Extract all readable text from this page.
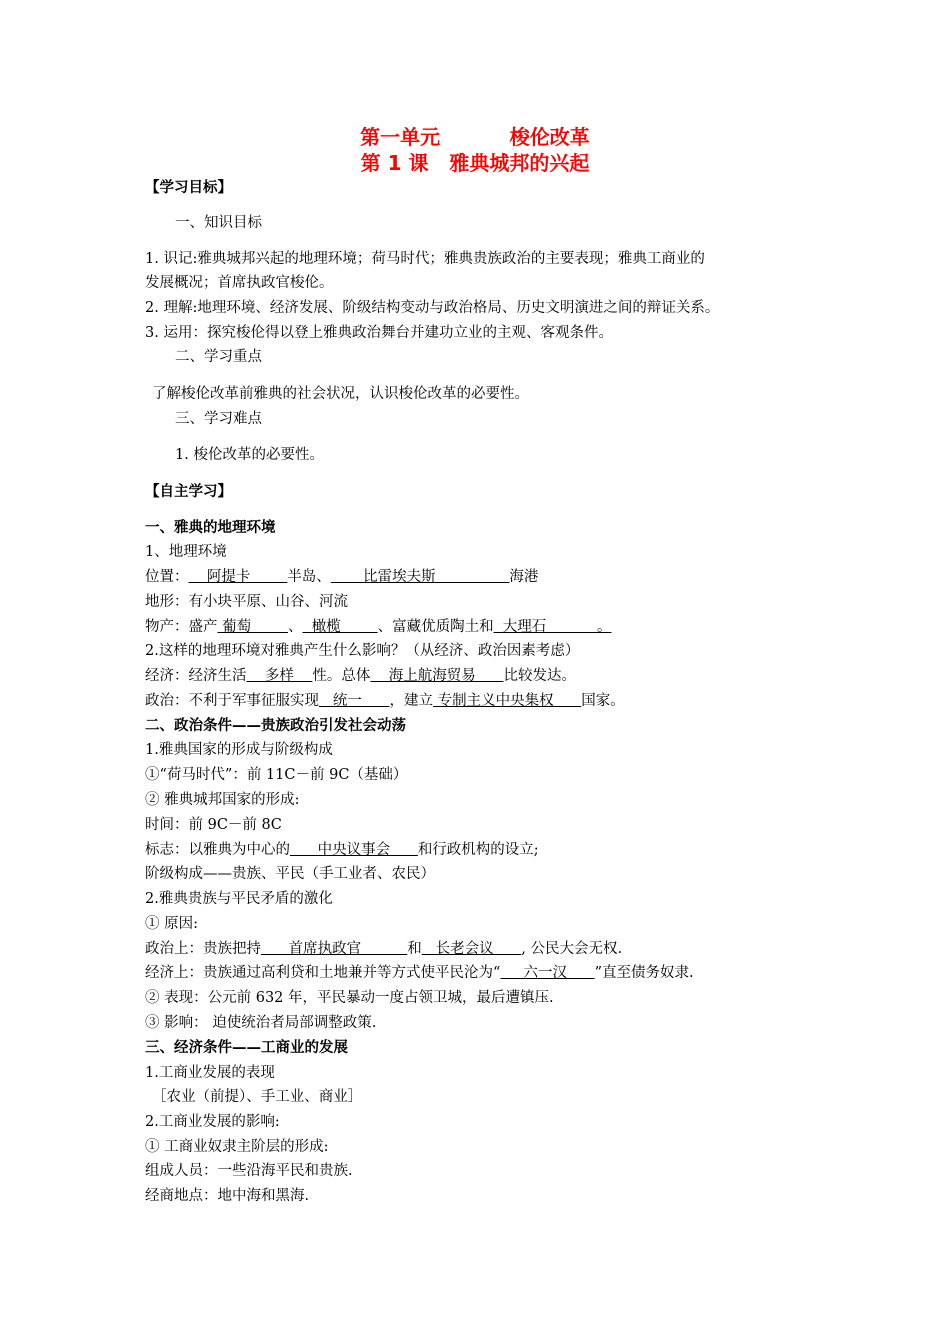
第一单元          梭伦改革
第 1 课   雅典城邦的兴起
【学习目标】
一、知识目标
1. 识记:雅典城邦兴起的地理环境；荷马时代；雅典贵族政治的主要表现；雅典工商业的
发展概况；首席执政官梭伦。
2. 理解:地理环境、经济发展、阶级结构变动与政治格局、历史文明演进之间的辩证关系。
3. 运用：探究梭伦得以登上雅典政治舞台并建功立业的主观、客观条件。
二、学习重点
了解梭伦改革前雅典的社会状况，认识梭伦改革的必要性。
三、学习难点
1. 梭伦改革的必要性。
【自主学习】
一、雅典的地理环境
1、地理环境
位置：    阿提卡        半岛、       比雷埃夫斯                海港
地形：有小块平原、山谷、河流
物产：盛产 葡萄        、  橄榄        、富藏优质陶土和  大理石           。
2.这样的地理环境对雅典产生什么影响？（从经济、政治因素考虑）
经济：经济生活    多样    性。总体    海上航海贸易      比较发达。
政治：不利于军事征服实现   统一      ，建立 专制主义中央集权      国家。
二、政治条件——贵族政治引发社会动荡
1.雅典国家的形成与阶级构成
①“荷马时代”：前 11C－前 9C（基础）
② 雅典城邦国家的形成:
时间：前 9C－前 8C
标志：以雅典为中心的      中央议事会      和行政机构的设立;
阶级构成——贵族、平民（手工业者、农民）
2.雅典贵族与平民矛盾的激化
① 原因:
政治上：贵族把持      首席执政官          和   长老会议      , 公民大会无权.
经济上：贵族通过高利贷和土地兼并等方式使平民沦为“     六一汉      ”直至债务奴隶.
② 表现：公元前 632 年，平民暴动一度占领卫城，最后遭镇压.
③ 影响： 迫使统治者局部调整政策.
三、经济条件——工商业的发展
1.工商业发展的表现
［农业（前提）、手工业、商业］
2.工商业发展的影响:
① 工商业奴隶主阶层的形成:
组成人员：一些沿海平民和贵族.
经商地点：地中海和黑海.
